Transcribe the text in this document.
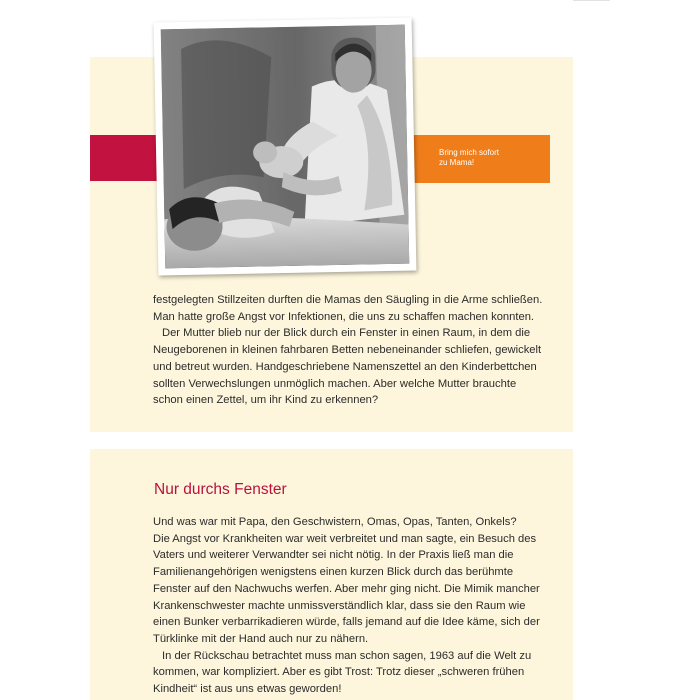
Bring mich sofort
zu Mama!

festgelegten Stillzeiten durften die Mamas den Säugling in die Arme schließen.

Man hatte große Angst vor Infektionen, die uns zu schaffen machen konnten.

Der Mutter blieb nur der Blick durch ein Fenster in einen Raum, in dem die

Neugeborenen in kleinen fahrbaren Betten nebeneinander schliefen, gewickelt

und betreut wurden. Handgeschriebene Namenszettel an den Kinderbettchen

sollten Verwechslungen unmöglich machen. Aber welche Mutter brauchte

schon einen Zettel, um ihr Kind zu erkennen?

Nur durchs Fenster

Und was war mit Papa, den Geschwistern, Omas, Opas, Tanten, Onkels?

Die Angst vor Krankheiten war weit verbreitet und man sagte, ein Besuch des

Vaters und weiterer Verwandter sei nicht nötig. In der Praxis ließ man die

Familienangehörigen wenigstens einen kurzen Blick durch das berühmte

Fenster auf den Nachwuchs werfen. Aber mehr ging nicht. Die Mimik mancher

Krankenschwester machte unmissverständlich klar, dass sie den Raum wie

einen Bunker verbarrikadieren würde, falls jemand auf die Idee käme, sich der

Türklinke mit der Hand auch nur zu nähern.

In der Rückschau betrachtet muss man schon sagen, 1963 auf die Welt zu

kommen, war kompliziert. Aber es gibt Trost: Trotz dieser „schweren frühen

Kindheit“ ist aus uns etwas geworden!
